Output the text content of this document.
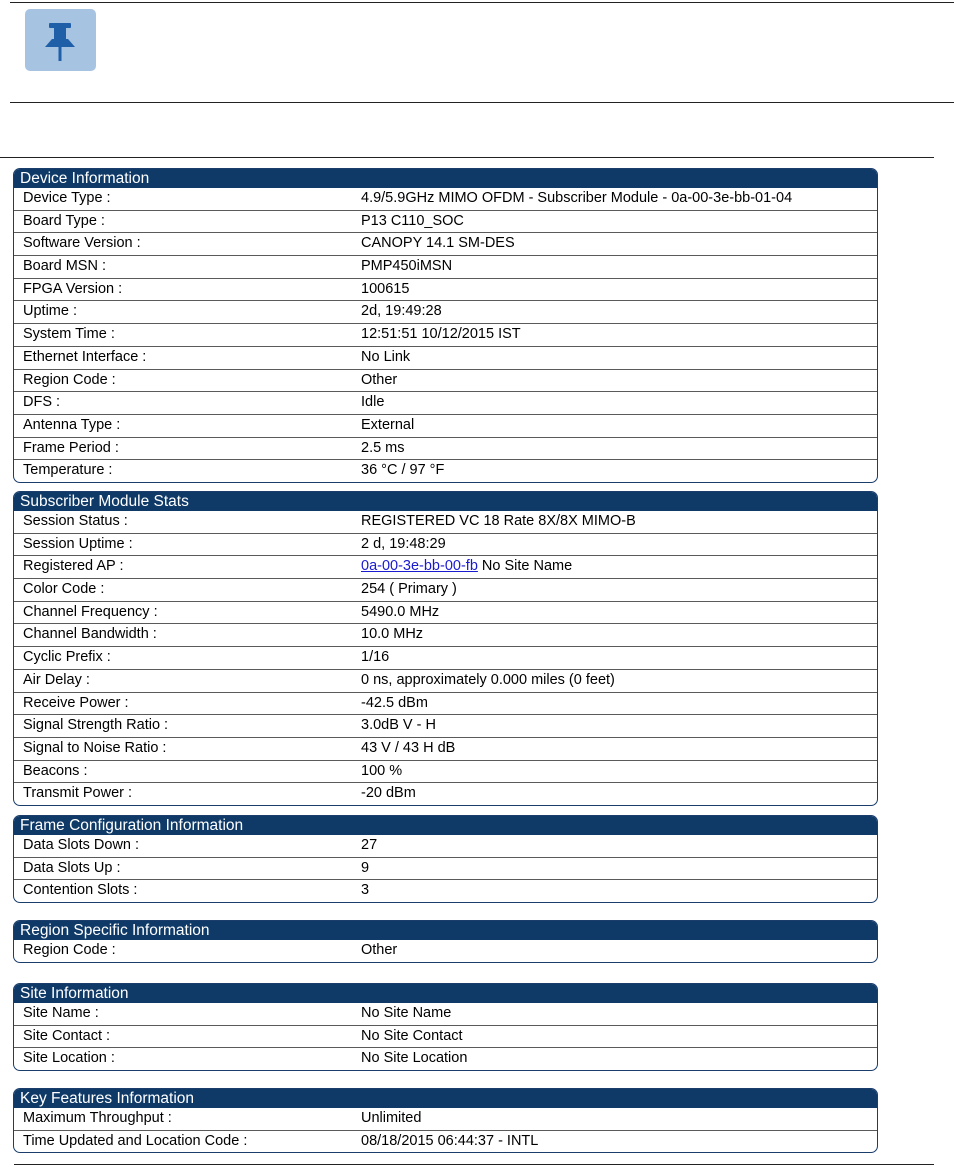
Device Information
Device Type :	4.9/5.9GHz MIMO OFDM - Subscriber Module - 0a-00-3e-bb-01-04
Board Type :	P13 C110_SOC
Software Version :	CANOPY 14.1 SM-DES
Board MSN :	PMP450iMSN
FPGA Version :	100615
Uptime :	2d, 19:49:28
System Time :	12:51:51 10/12/2015 IST
Ethernet Interface :	No Link
Region Code :	Other
DFS :	Idle
Antenna Type :	External
Frame Period :	2.5 ms
Temperature :	36 °C / 97 °F
Subscriber Module Stats
Session Status :	REGISTERED VC 18 Rate 8X/8X MIMO-B
Session Uptime :	2 d, 19:48:29
Registered AP :	0a-00-3e-bb-00-fb No Site Name
Color Code :	254 ( Primary )
Channel Frequency :	5490.0 MHz
Channel Bandwidth :	10.0 MHz
Cyclic Prefix :	1/16
Air Delay :	0 ns, approximately 0.000 miles (0 feet)
Receive Power :	-42.5 dBm
Signal Strength Ratio :	3.0dB V - H
Signal to Noise Ratio :	43 V / 43 H dB
Beacons :	100 %
Transmit Power :	-20 dBm
Frame Configuration Information
Data Slots Down :	27
Data Slots Up :	9
Contention Slots :	3
Region Specific Information
Region Code :	Other
Site Information
Site Name :	No Site Name
Site Contact :	No Site Contact
Site Location :	No Site Location
Key Features Information
Maximum Throughput :	Unlimited
Time Updated and Location Code :	08/18/2015 06:44:37 - INTL
